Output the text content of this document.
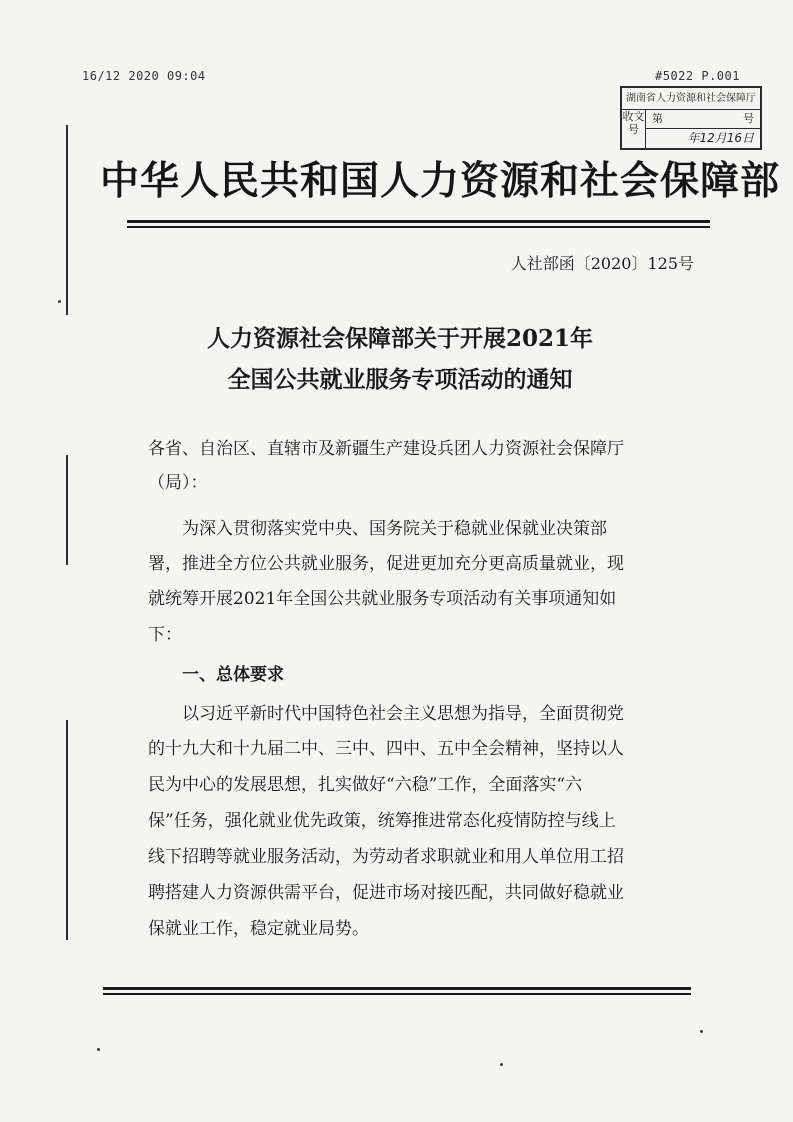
16/12 2020 09:04	#5022 P.001
湖南省人力资源和社会保障厅
收文号
第	号
年12月16日
中华人民共和国人力资源和社会保障部
人社部函〔2020〕125号
人力资源社会保障部关于开展2021年
全国公共就业服务专项活动的通知
各省、自治区、直辖市及新疆生产建设兵团人力资源社会保障厅
（局）：
为深入贯彻落实党中央、国务院关于稳就业保就业决策部
署，推进全方位公共就业服务，促进更加充分更高质量就业，现
就统筹开展2021年全国公共就业服务专项活动有关事项通知如
下：
一、总体要求
以习近平新时代中国特色社会主义思想为指导，全面贯彻党
的十九大和十九届二中、三中、四中、五中全会精神，坚持以人
民为中心的发展思想，扎实做好“六稳”工作，全面落实“六
保”任务，强化就业优先政策，统筹推进常态化疫情防控与线上
线下招聘等就业服务活动，为劳动者求职就业和用人单位用工招
聘搭建人力资源供需平台，促进市场对接匹配，共同做好稳就业
保就业工作，稳定就业局势。
